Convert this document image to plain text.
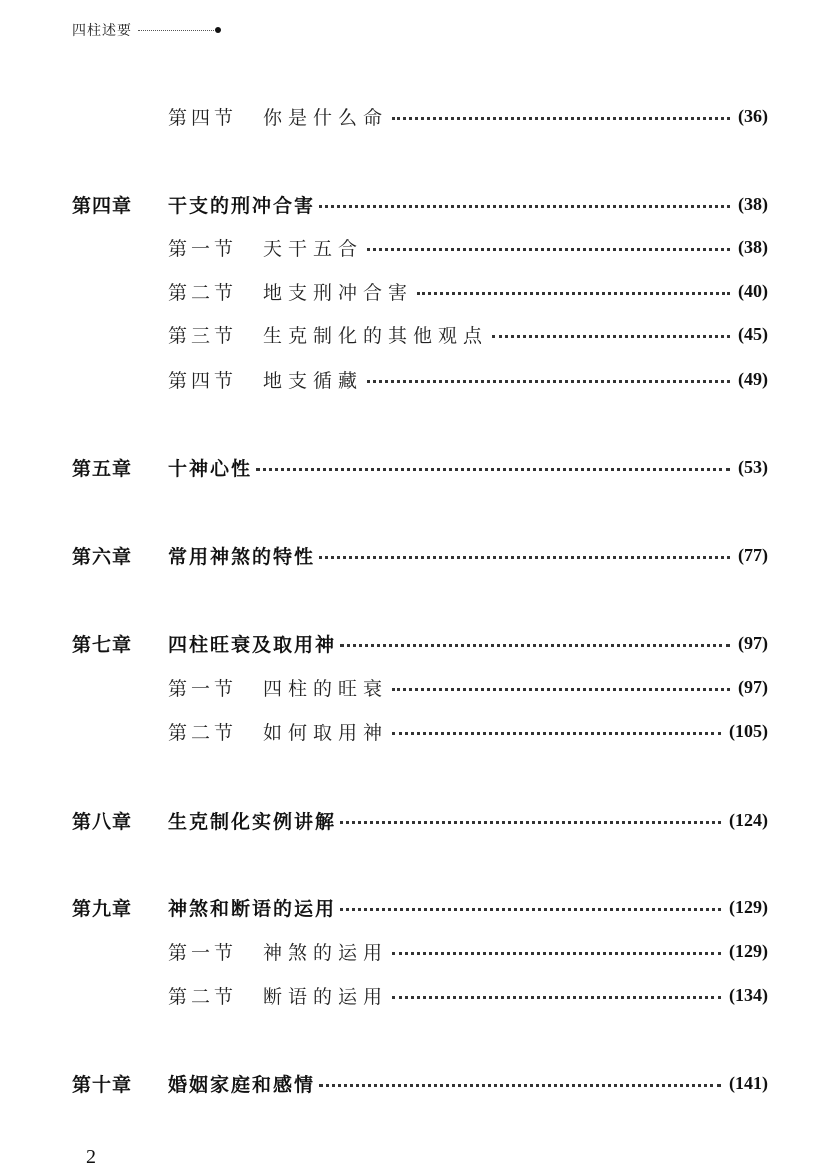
四柱述要
第四节	你是什么命	(36)
第四章	干支的刑冲合害	(38)
第一节	天干五合	(38)
第二节	地支刑冲合害	(40)
第三节	生克制化的其他观点	(45)
第四节	地支循藏	(49)
第五章	十神心性	(53)
第六章	常用神煞的特性	(77)
第七章	四柱旺衰及取用神	(97)
第一节	四柱的旺衰	(97)
第二节	如何取用神	(105)
第八章	生克制化实例讲解	(124)
第九章	神煞和断语的运用	(129)
第一节	神煞的运用	(129)
第二节	断语的运用	(134)
第十章	婚姻家庭和感情	(141)
2
